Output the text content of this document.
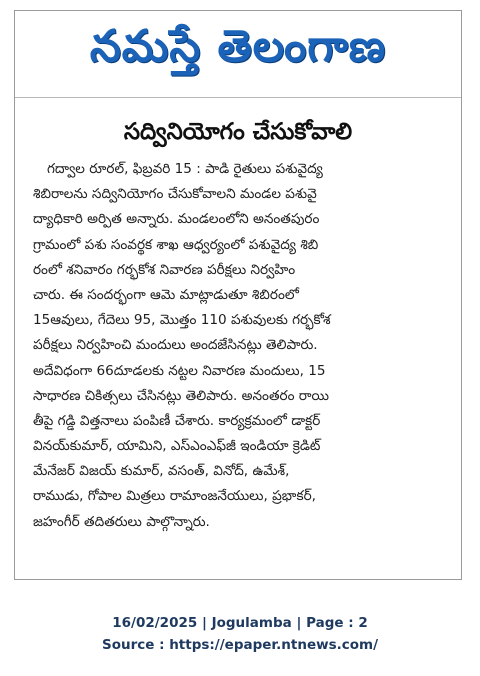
నమస్తే తెలంగాణ
సద్వినియోగం చేసుకోవాలి
గద్వాల రూరల్, ఫిబ్రవరి 15 : పాడి రైతులు పశువైద్య
శిబిరాలను సద్వినియోగం చేసుకోవాలని మండల పశువై
ద్యాధికారి అర్పిత అన్నారు. మండలంలోని అనంతపురం
గ్రామంలో పశు సంవర్థక శాఖ ఆధ్వర్యంలో పశువైద్య శిబి
రంలో శనివారం గర్భకోశ నివారణ పరీక్షలు నిర్వహిం
చారు. ఈ సందర్భంగా ఆమె మాట్లాడుతూ శిబిరంలో
15ఆవులు, గేదెలు 95, మొత్తం 110 పశువులకు గర్భకోశ
పరీక్షలు నిర్వహించి మందులు అందజేసినట్లు తెలిపారు.
అదేవిధంగా 66దూడలకు నట్టల నివారణ మందులు, 15
సాధారణ చికిత్సలు చేసినట్లు తెలిపారు. అనంతరం రాయి
తీపై గడ్డి విత్తనాలు పంపిణీ చేశారు. కార్యక్రమంలో డాక్టర్
వినయ్‌కుమార్, యామిని, ఎస్‌ఎంఎఫ్‌జీ ఇండియా క్రెడిట్
మేనేజర్ విజయ్ కుమార్, వసంత్, వినోద్, ఉమేశ్,
రాముడు, గోపాల మిత్రలు రామాంజనేయులు, ప్రభాకర్,
జహంగీర్ తదితరులు పాల్గొన్నారు.
16/02/2025 | Jogulamba | Page : 2
Source : https://epaper.ntnews.com/
